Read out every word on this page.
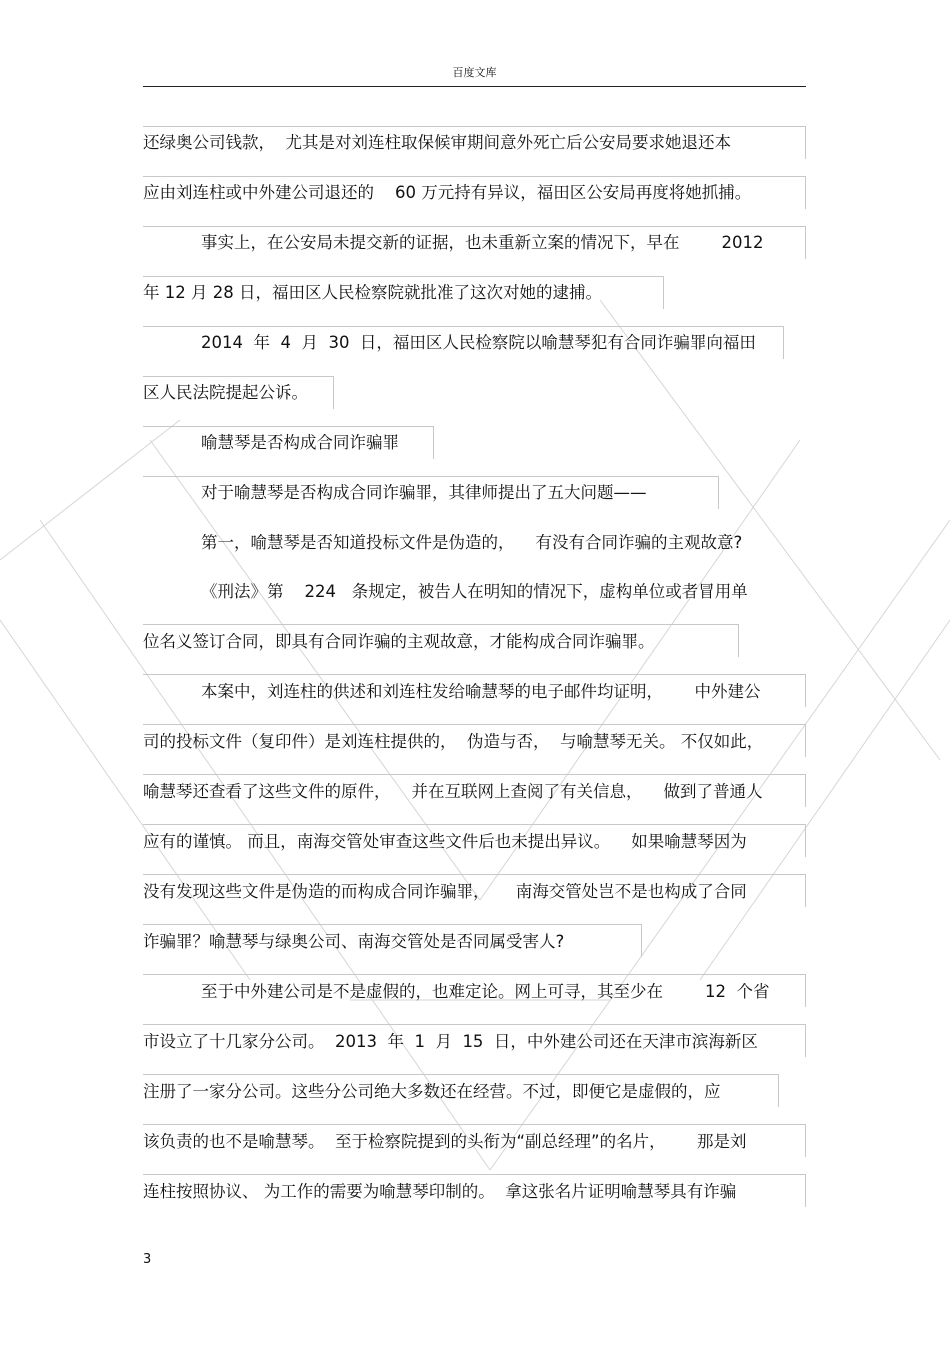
百度文库
还绿奥公司钱款，  尤其是对刘连柱取保候审期间意外死亡后公安局要求她退还本
应由刘连柱或中外建公司退还的    60 万元持有异议，福田区公安局再度将她抓捕。
事实上，在公安局未提交新的证据，也未重新立案的情况下，早在        2012
年 12 月 28 日，福田区人民检察院就批准了这次对她的逮捕。
2014  年  4  月  30  日，福田区人民检察院以喻慧琴犯有合同诈骗罪向福田
区人民法院提起公诉。
喻慧琴是否构成合同诈骗罪
对于喻慧琴是否构成合同诈骗罪，其律师提出了五大问题——
第一，喻慧琴是否知道投标文件是伪造的，    有没有合同诈骗的主观故意?
《刑法》第    224   条规定，被告人在明知的情况下，虚构单位或者冒用单
位名义签订合同，即具有合同诈骗的主观故意，才能构成合同诈骗罪。
本案中，刘连柱的供述和刘连柱发给喻慧琴的电子邮件均证明，      中外建公
司的投标文件（复印件）是刘连柱提供的，  伪造与否，  与喻慧琴无关。 不仅如此，
喻慧琴还查看了这些文件的原件，    并在互联网上查阅了有关信息，    做到了普通人
应有的谨慎。 而且，南海交管处审查这些文件后也未提出异议。    如果喻慧琴因为
没有发现这些文件是伪造的而构成合同诈骗罪，     南海交管处岂不是也构成了合同
诈骗罪？喻慧琴与绿奥公司、南海交管处是否同属受害人?
至于中外建公司是不是虚假的，也难定论。网上可寻，其至少在        12  个省
市设立了十几家分公司。  2013  年  1  月  15  日，中外建公司还在天津市滨海新区
注册了一家分公司。这些分公司绝大多数还在经营。不过，即便它是虚假的，应
该负责的也不是喻慧琴。  至于检察院提到的头衔为“副总经理”的名片，      那是刘
连柱按照协议、 为工作的需要为喻慧琴印制的。  拿这张名片证明喻慧琴具有诈骗
3
